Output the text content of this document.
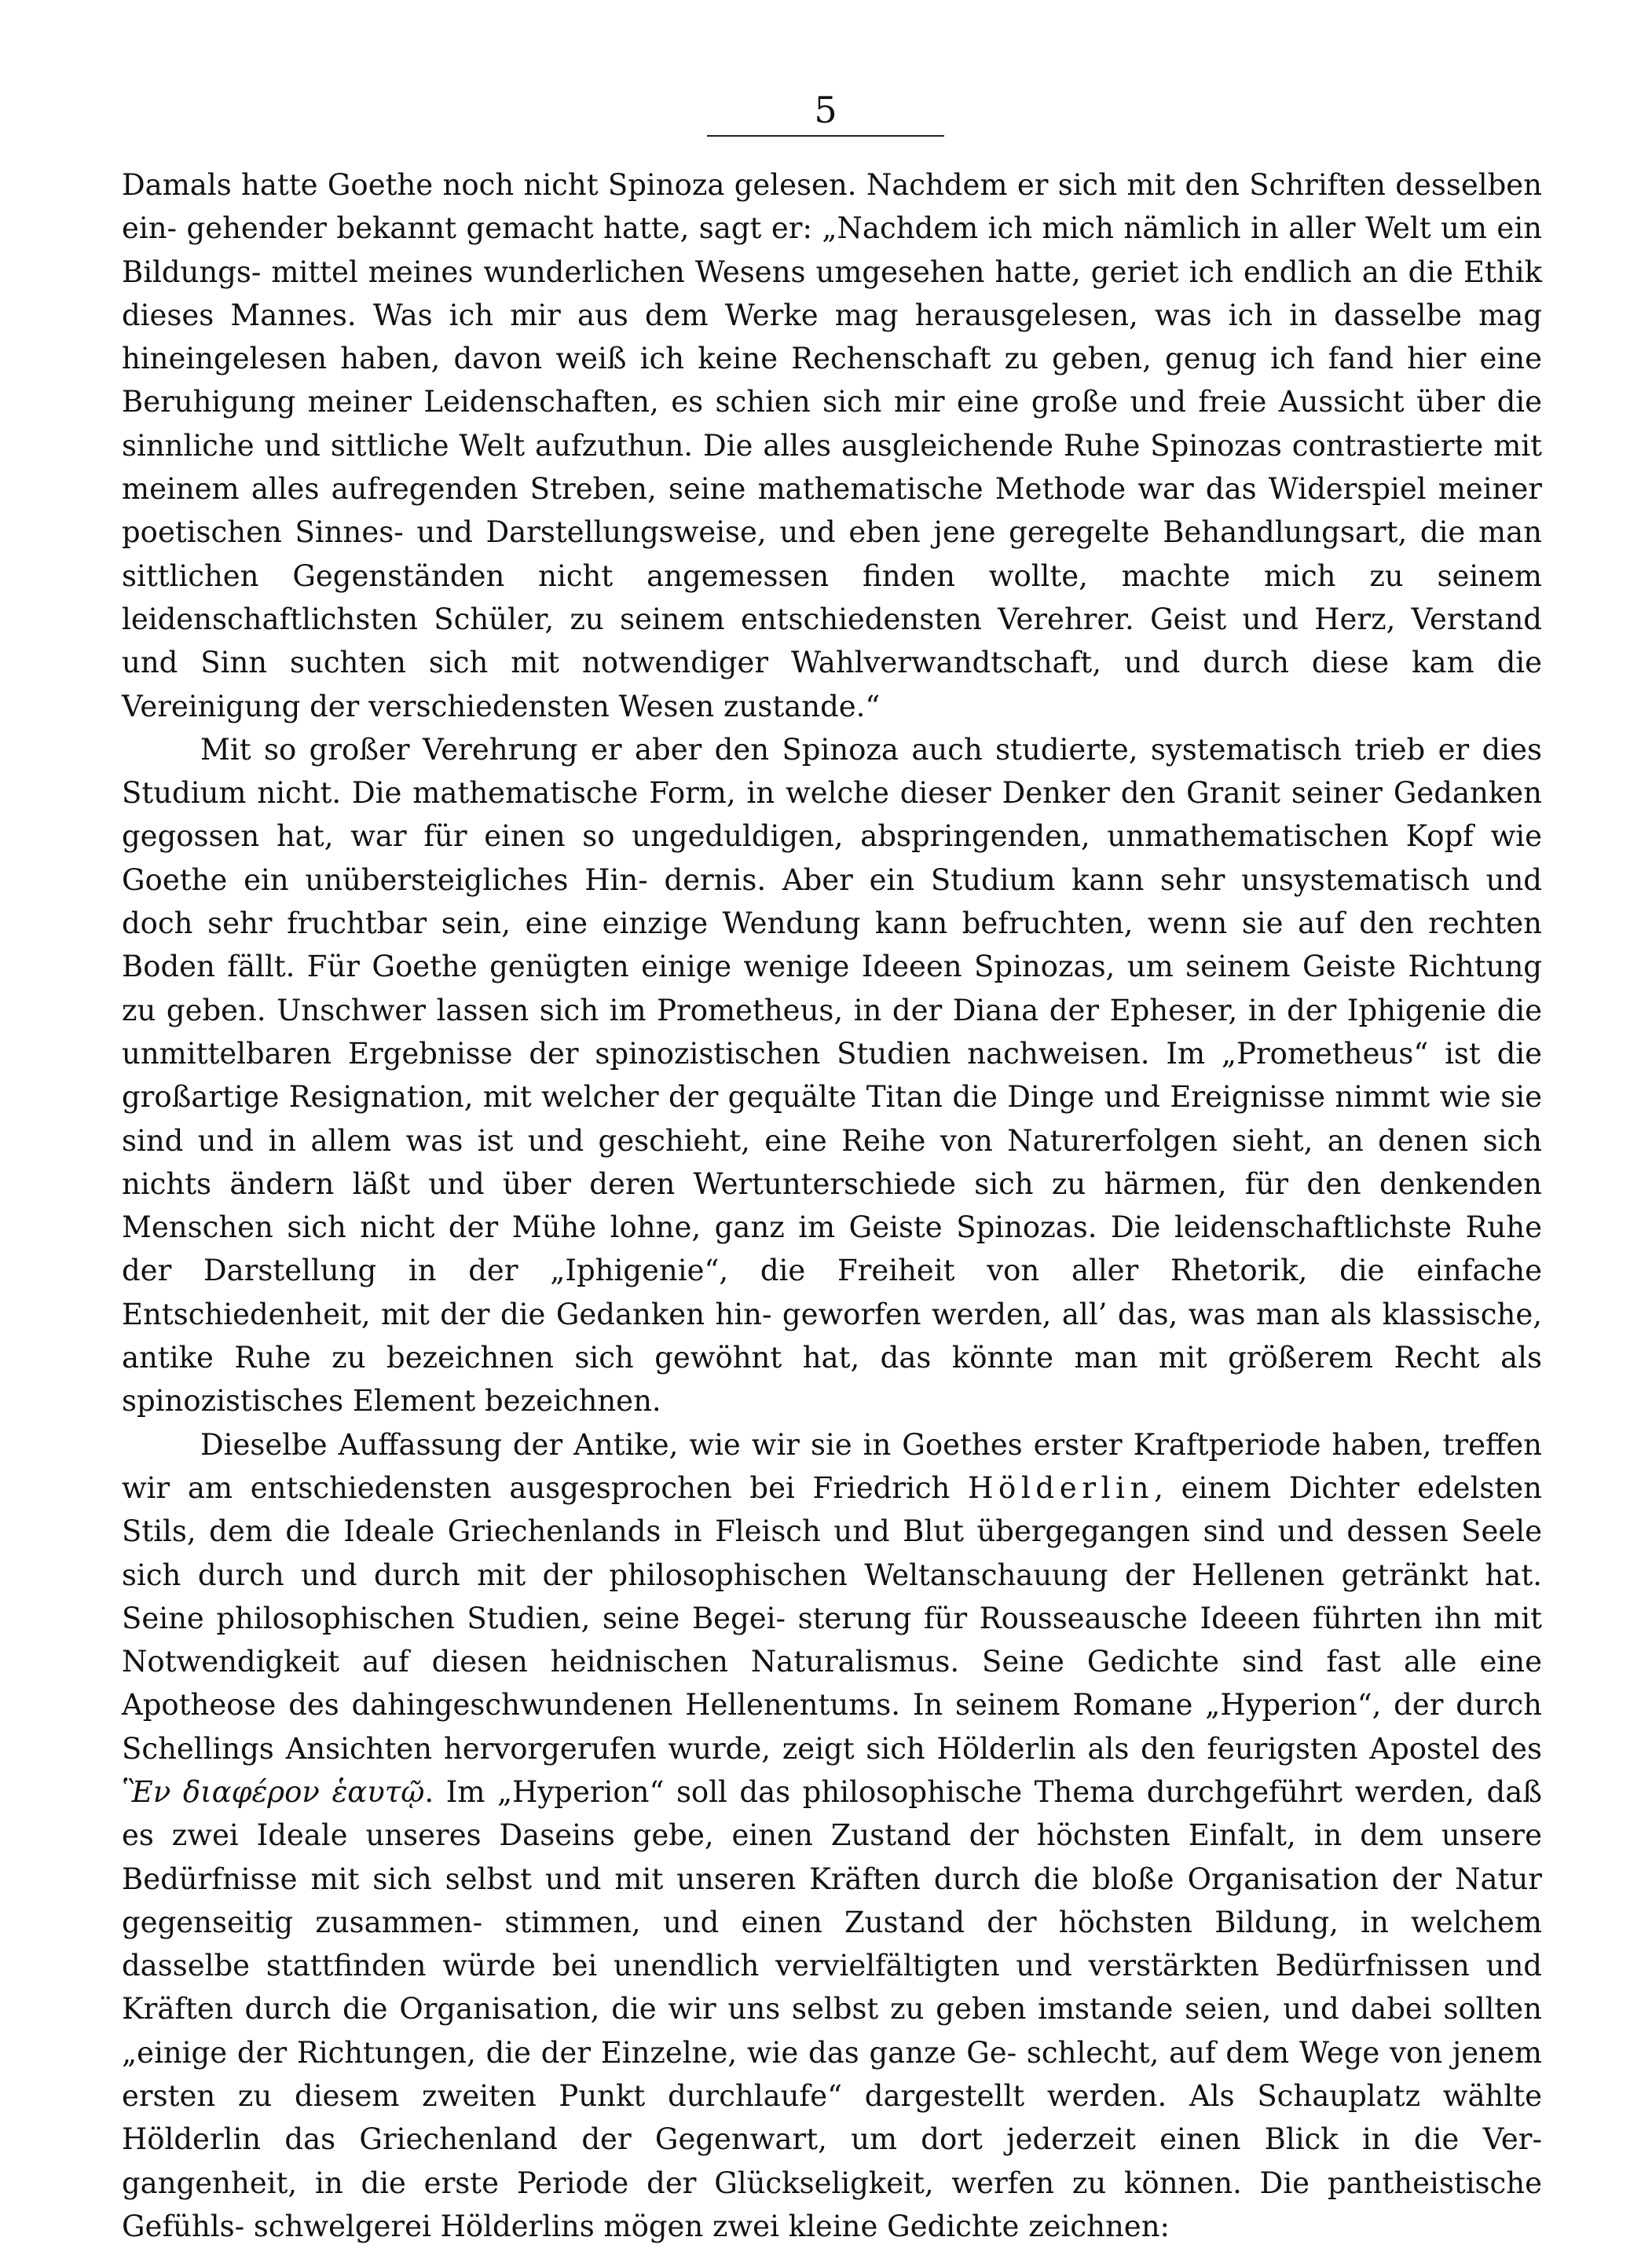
5

Damals hatte Goethe noch nicht Spinoza gelesen. Nachdem er sich mit den Schriften desselben ein- gehender bekannt gemacht hatte, sagt er: „Nachdem ich mich nämlich in aller Welt um ein Bildungs- mittel meines wunderlichen Wesens umgesehen hatte, geriet ich endlich an die Ethik dieses Mannes. Was ich mir aus dem Werke mag herausgelesen, was ich in dasselbe mag hineingelesen haben, davon weiß ich keine Rechenschaft zu geben, genug ich fand hier eine Beruhigung meiner Leidenschaften, es schien sich mir eine große und freie Aussicht über die sinnliche und sittliche Welt aufzuthun. Die alles ausgleichende Ruhe Spinozas contrastierte mit meinem alles aufregenden Streben, seine mathematische Methode war das Widerspiel meiner poetischen Sinnes- und Darstellungsweise, und eben jene geregelte Behandlungsart, die man sittlichen Gegenständen nicht angemessen finden wollte, machte mich zu seinem leidenschaftlichsten Schüler, zu seinem entschiedensten Verehrer. Geist und Herz, Verstand und Sinn suchten sich mit notwendiger Wahlverwandtschaft, und durch diese kam die Vereinigung der verschiedensten Wesen zustande.“

Mit so großer Verehrung er aber den Spinoza auch studierte, systematisch trieb er dies Studium nicht. Die mathematische Form, in welche dieser Denker den Granit seiner Gedanken gegossen hat, war für einen so ungeduldigen, abspringenden, unmathematischen Kopf wie Goethe ein unübersteigliches Hin- dernis. Aber ein Studium kann sehr unsystematisch und doch sehr fruchtbar sein, eine einzige Wendung kann befruchten, wenn sie auf den rechten Boden fällt. Für Goethe genügten einige wenige Ideeen Spinozas, um seinem Geiste Richtung zu geben. Unschwer lassen sich im Prometheus, in der Diana der Epheser, in der Iphigenie die unmittelbaren Ergebnisse der spinozistischen Studien nachweisen. Im „Prometheus“ ist die großartige Resignation, mit welcher der gequälte Titan die Dinge und Ereignisse nimmt wie sie sind und in allem was ist und geschieht, eine Reihe von Naturerfolgen sieht, an denen sich nichts ändern läßt und über deren Wertunterschiede sich zu härmen, für den denkenden Menschen sich nicht der Mühe lohne, ganz im Geiste Spinozas. Die leidenschaftlichste Ruhe der Darstellung in der „Iphigenie“, die Freiheit von aller Rhetorik, die einfache Entschiedenheit, mit der die Gedanken hin- geworfen werden, all’ das, was man als klassische, antike Ruhe zu bezeichnen sich gewöhnt hat, das könnte man mit größerem Recht als spinozistisches Element bezeichnen.

Dieselbe Auffassung der Antike, wie wir sie in Goethes erster Kraftperiode haben, treffen wir am entschiedensten ausgesprochen bei Friedrich Hölderlin, einem Dichter edelsten Stils, dem die Ideale Griechenlands in Fleisch und Blut übergegangen sind und dessen Seele sich durch und durch mit der philosophischen Weltanschauung der Hellenen getränkt hat. Seine philosophischen Studien, seine Begei- sterung für Rousseausche Ideeen führten ihn mit Notwendigkeit auf diesen heidnischen Naturalismus. Seine Gedichte sind fast alle eine Apotheose des dahingeschwundenen Hellenentums. In seinem Romane „Hyperion“, der durch Schellings Ansichten hervorgerufen wurde, zeigt sich Hölderlin als den feurigsten Apostel des Ἓν διαφέρον ἑαυτῷ. Im „Hyperion“ soll das philosophische Thema durchgeführt werden, daß es zwei Ideale unseres Daseins gebe, einen Zustand der höchsten Einfalt, in dem unsere Bedürfnisse mit sich selbst und mit unseren Kräften durch die bloße Organisation der Natur gegenseitig zusammen- stimmen, und einen Zustand der höchsten Bildung, in welchem dasselbe stattfinden würde bei unendlich vervielfältigten und verstärkten Bedürfnissen und Kräften durch die Organisation, die wir uns selbst zu geben imstande seien, und dabei sollten „einige der Richtungen, die der Einzelne, wie das ganze Ge- schlecht, auf dem Wege von jenem ersten zu diesem zweiten Punkt durchlaufe“ dargestellt werden. Als Schauplatz wählte Hölderlin das Griechenland der Gegenwart, um dort jederzeit einen Blick in die Ver- gangenheit, in die erste Periode der Glückseligkeit, werfen zu können. Die pantheistische Gefühls- schwelgerei Hölderlins mögen zwei kleine Gedichte zeichnen:
